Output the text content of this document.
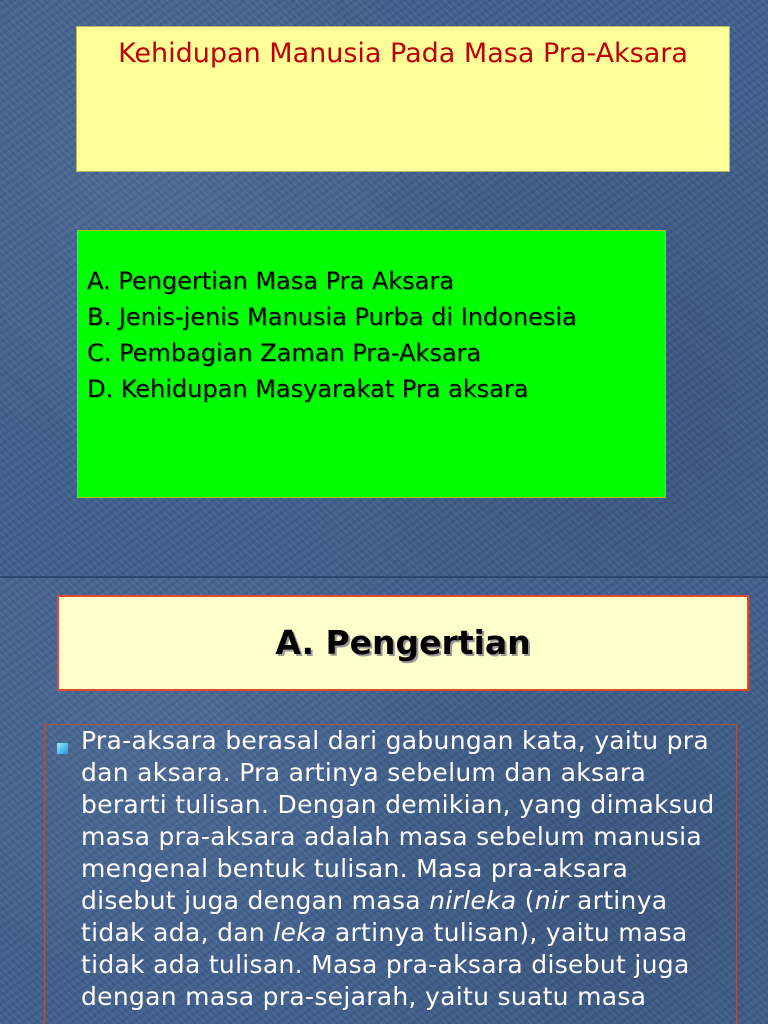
Kehidupan Manusia Pada Masa Pra-Aksara

A. Pengertian Masa Pra Aksara
B. Jenis-jenis Manusia Purba di Indonesia
C. Pembagian Zaman Pra-Aksara
D. Kehidupan Masyarakat Pra aksara

A. Pengertian

Pra-aksara berasal dari gabungan kata, yaitu pra dan aksara. Pra artinya sebelum dan aksara berarti tulisan. Dengan demikian, yang dimaksud masa pra-aksara adalah masa sebelum manusia mengenal bentuk tulisan. Masa pra-aksara disebut juga dengan masa nirleka (nir artinya tidak ada, dan leka artinya tulisan), yaitu masa tidak ada tulisan. Masa pra-aksara disebut juga dengan masa pra-sejarah, yaitu suatu masa
